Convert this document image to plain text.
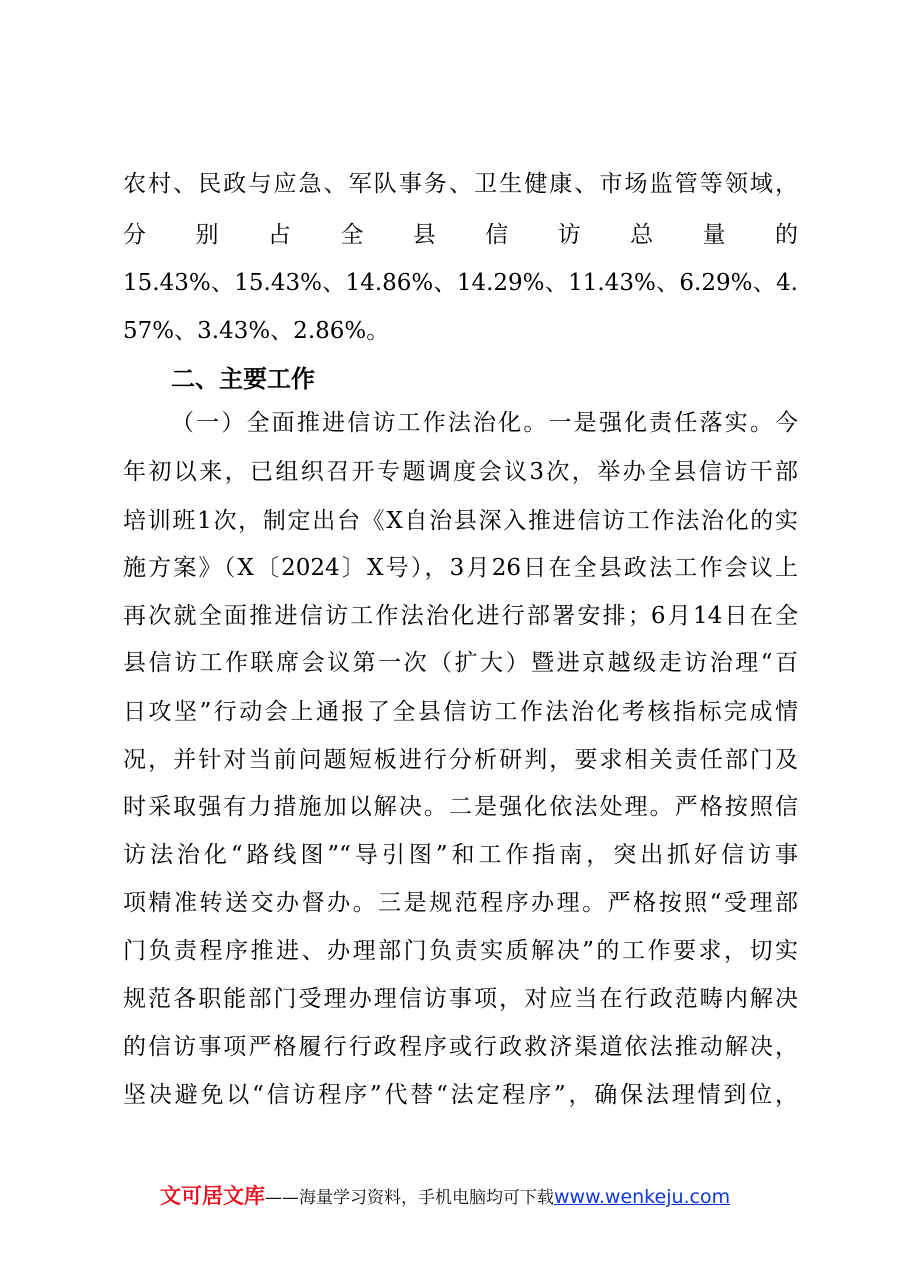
农村、民政与应急、军队事务、卫生健康、市场监管等领域，
分　别　占　全　县　信　访　总　量　的
15.43%、15.43%、14.86%、14.29%、11.43%、6.29%、4.
57%、3.43%、2.86%。
二、主要工作
（一）全面推进信访工作法治化。一是强化责任落实。今
年初以来，已组织召开专题调度会议3次，举办全县信访干部
培训班1次，制定出台《X自治县深入推进信访工作法治化的实
施方案》（X〔2024〕X号），3月26日在全县政法工作会议上
再次就全面推进信访工作法治化进行部署安排；6月14日在全
县信访工作联席会议第一次（扩大）暨进京越级走访治理“百
日攻坚”行动会上通报了全县信访工作法治化考核指标完成情
况，并针对当前问题短板进行分析研判，要求相关责任部门及
时采取强有力措施加以解决。二是强化依法处理。严格按照信
访法治化“路线图”“导引图”和工作指南，突出抓好信访事
项精准转送交办督办。三是规范程序办理。严格按照“受理部
门负责程序推进、办理部门负责实质解决”的工作要求，切实
规范各职能部门受理办理信访事项，对应当在行政范畴内解决
的信访事项严格履行行政程序或行政救济渠道依法推动解决，
坚决避免以“信访程序”代替“法定程序”，确保法理情到位，
文可居文库——海量学习资料，手机电脑均可下载www.wenkeju.com
